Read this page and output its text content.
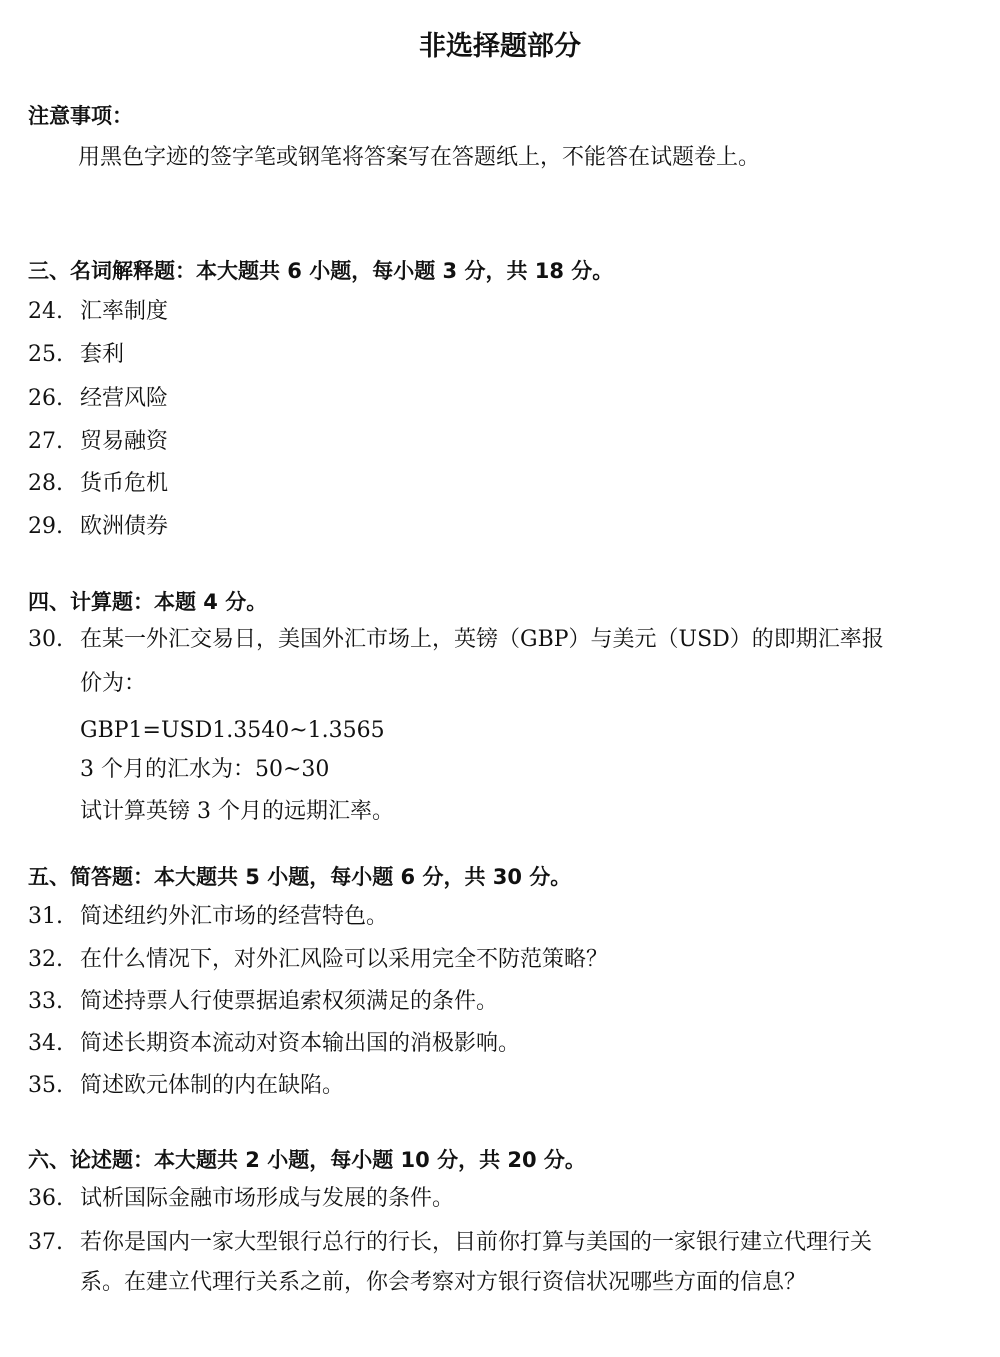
非选择题部分
注意事项：
用黑色字迹的签字笔或钢笔将答案写在答题纸上，不能答在试题卷上。
三、名词解释题：本大题共 6 小题，每小题 3 分，共 18 分。
24. 汇率制度
25. 套利
26. 经营风险
27. 贸易融资
28. 货币危机
29. 欧洲债券
四、计算题：本题 4 分。
30. 在某一外汇交易日，美国外汇市场上，英镑（GBP）与美元（USD）的即期汇率报
价为：
GBP1=USD1.3540~1.3565
3 个月的汇水为：50~30
试计算英镑 3 个月的远期汇率。
五、简答题：本大题共 5 小题，每小题 6 分，共 30 分。
31. 简述纽约外汇市场的经营特色。
32. 在什么情况下，对外汇风险可以采用完全不防范策略？
33. 简述持票人行使票据追索权须满足的条件。
34. 简述长期资本流动对资本输出国的消极影响。
35. 简述欧元体制的内在缺陷。
六、论述题：本大题共 2 小题，每小题 10 分，共 20 分。
36. 试析国际金融市场形成与发展的条件。
37. 若你是国内一家大型银行总行的行长，目前你打算与美国的一家银行建立代理行关
系。在建立代理行关系之前，你会考察对方银行资信状况哪些方面的信息？
